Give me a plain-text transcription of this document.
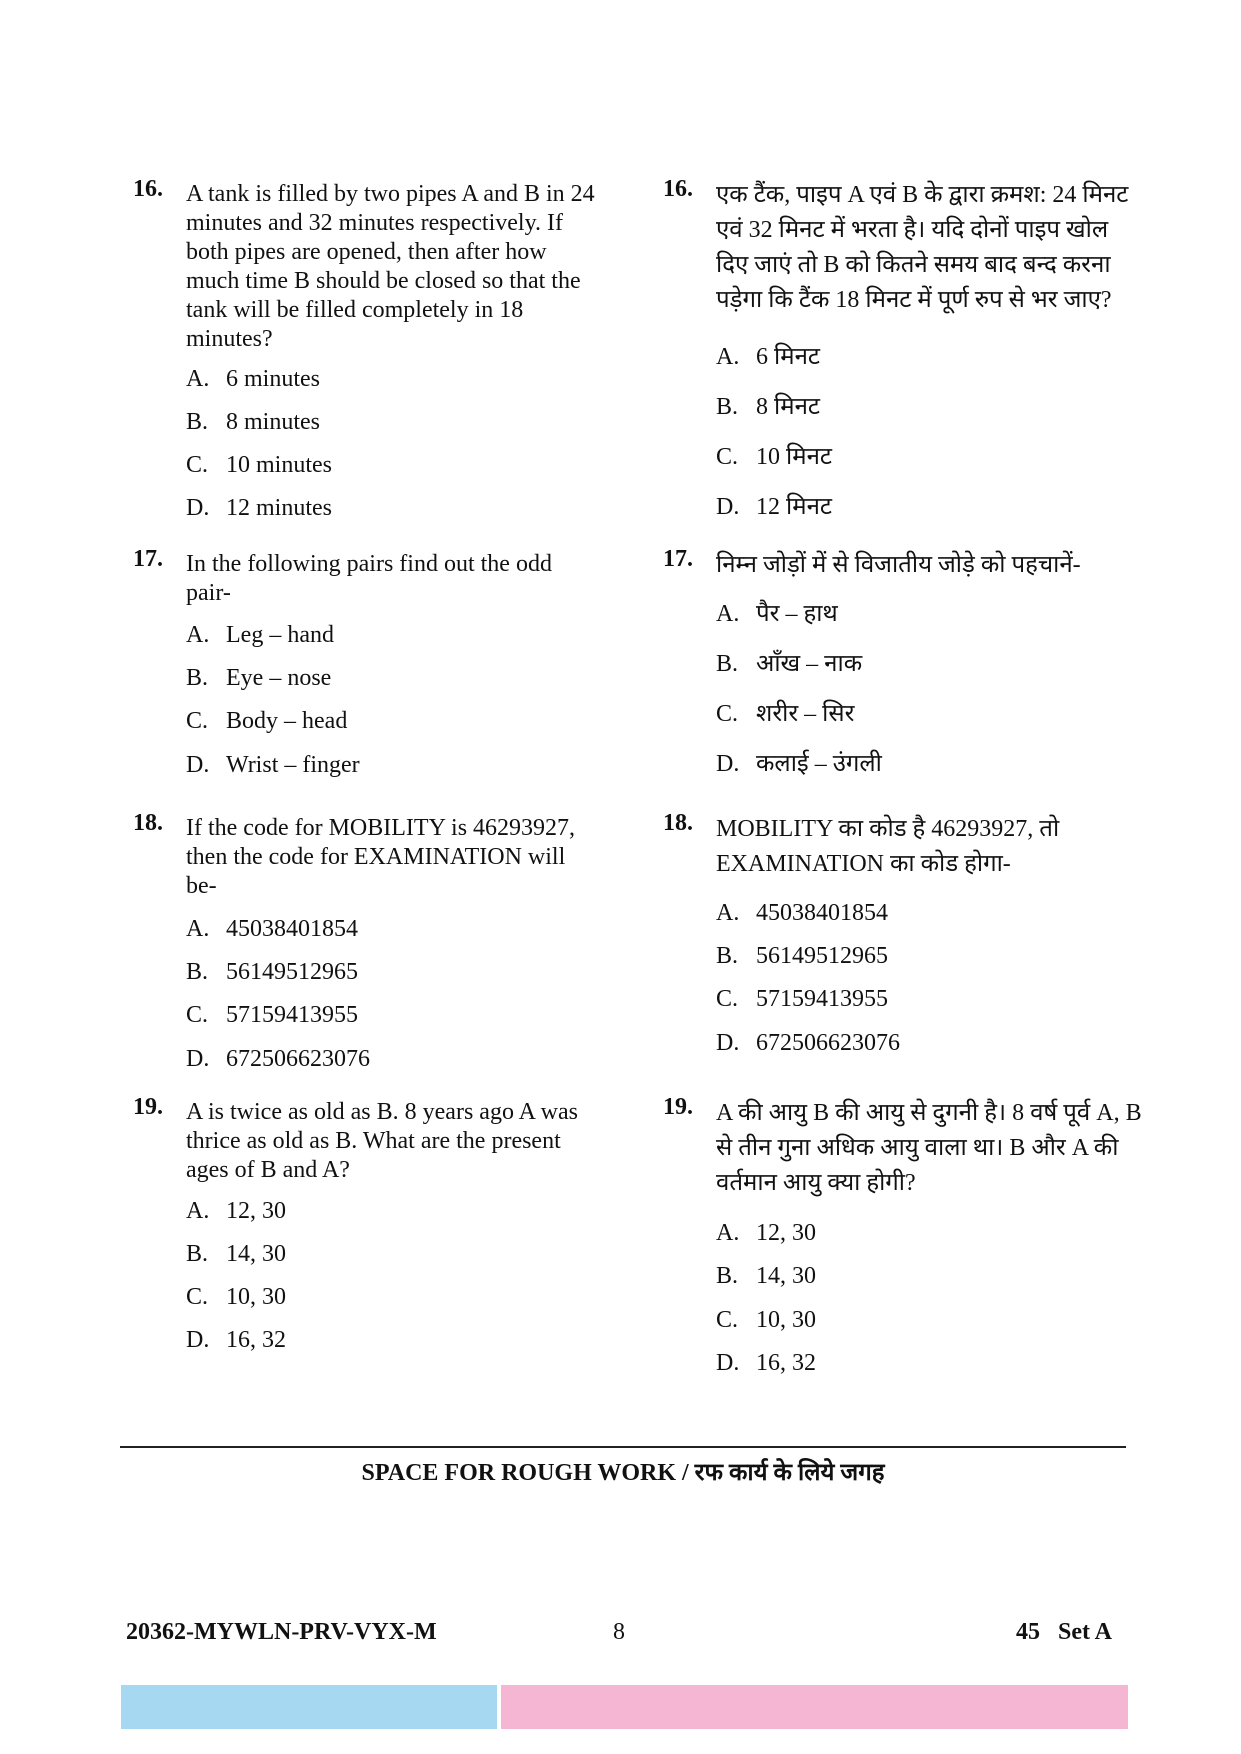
16. A tank is filled by two pipes A and B in 24 minutes and 32 minutes respectively. If both pipes are opened, then after how much time B should be closed so that the tank will be filled completely in 18 minutes?
A. 6 minutes
B. 8 minutes
C. 10 minutes
D. 12 minutes
17. In the following pairs find out the odd pair-
A. Leg – hand
B. Eye – nose
C. Body – head
D. Wrist – finger
18. If the code for MOBILITY is 46293927, then the code for EXAMINATION will be-
A. 45038401854
B. 56149512965
C. 57159413955
D. 672506623076
19. A is twice as old as B. 8 years ago A was thrice as old as B. What are the present ages of B and A?
A. 12, 30
B. 14, 30
C. 10, 30
D. 16, 32
16. एक टैंक, पाइप A एवं B के द्वारा क्रमश: 24 मिनट एवं 32 मिनट में भरता है। यदि दोनों पाइप खोल दिए जाएं तो B को कितने समय बाद बन्द करना पड़ेगा कि टैंक 18 मिनट में पूर्ण रुप से भर जाए?
A. 6 मिनट
B. 8 मिनट
C. 10 मिनट
D. 12 मिनट
17. निम्न जोड़ों में से विजातीय जोड़े को पहचानें-
A. पैर – हाथ
B. आँख – नाक
C. शरीर – सिर
D. कलाई – उंगली
18. MOBILITY का कोड है 46293927, तो EXAMINATION का कोड होगा-
A. 45038401854
B. 56149512965
C. 57159413955
D. 672506623076
19. A की आयु B की आयु से दुगनी है। 8 वर्ष पूर्व A, B से तीन गुना अधिक आयु वाला था। B और A की वर्तमान आयु क्या होगी?
A. 12, 30
B. 14, 30
C. 10, 30
D. 16, 32
SPACE FOR ROUGH WORK / रफ कार्य के लिये जगह
20362-MYWLN-PRV-VYX-M	8	45   Set A
